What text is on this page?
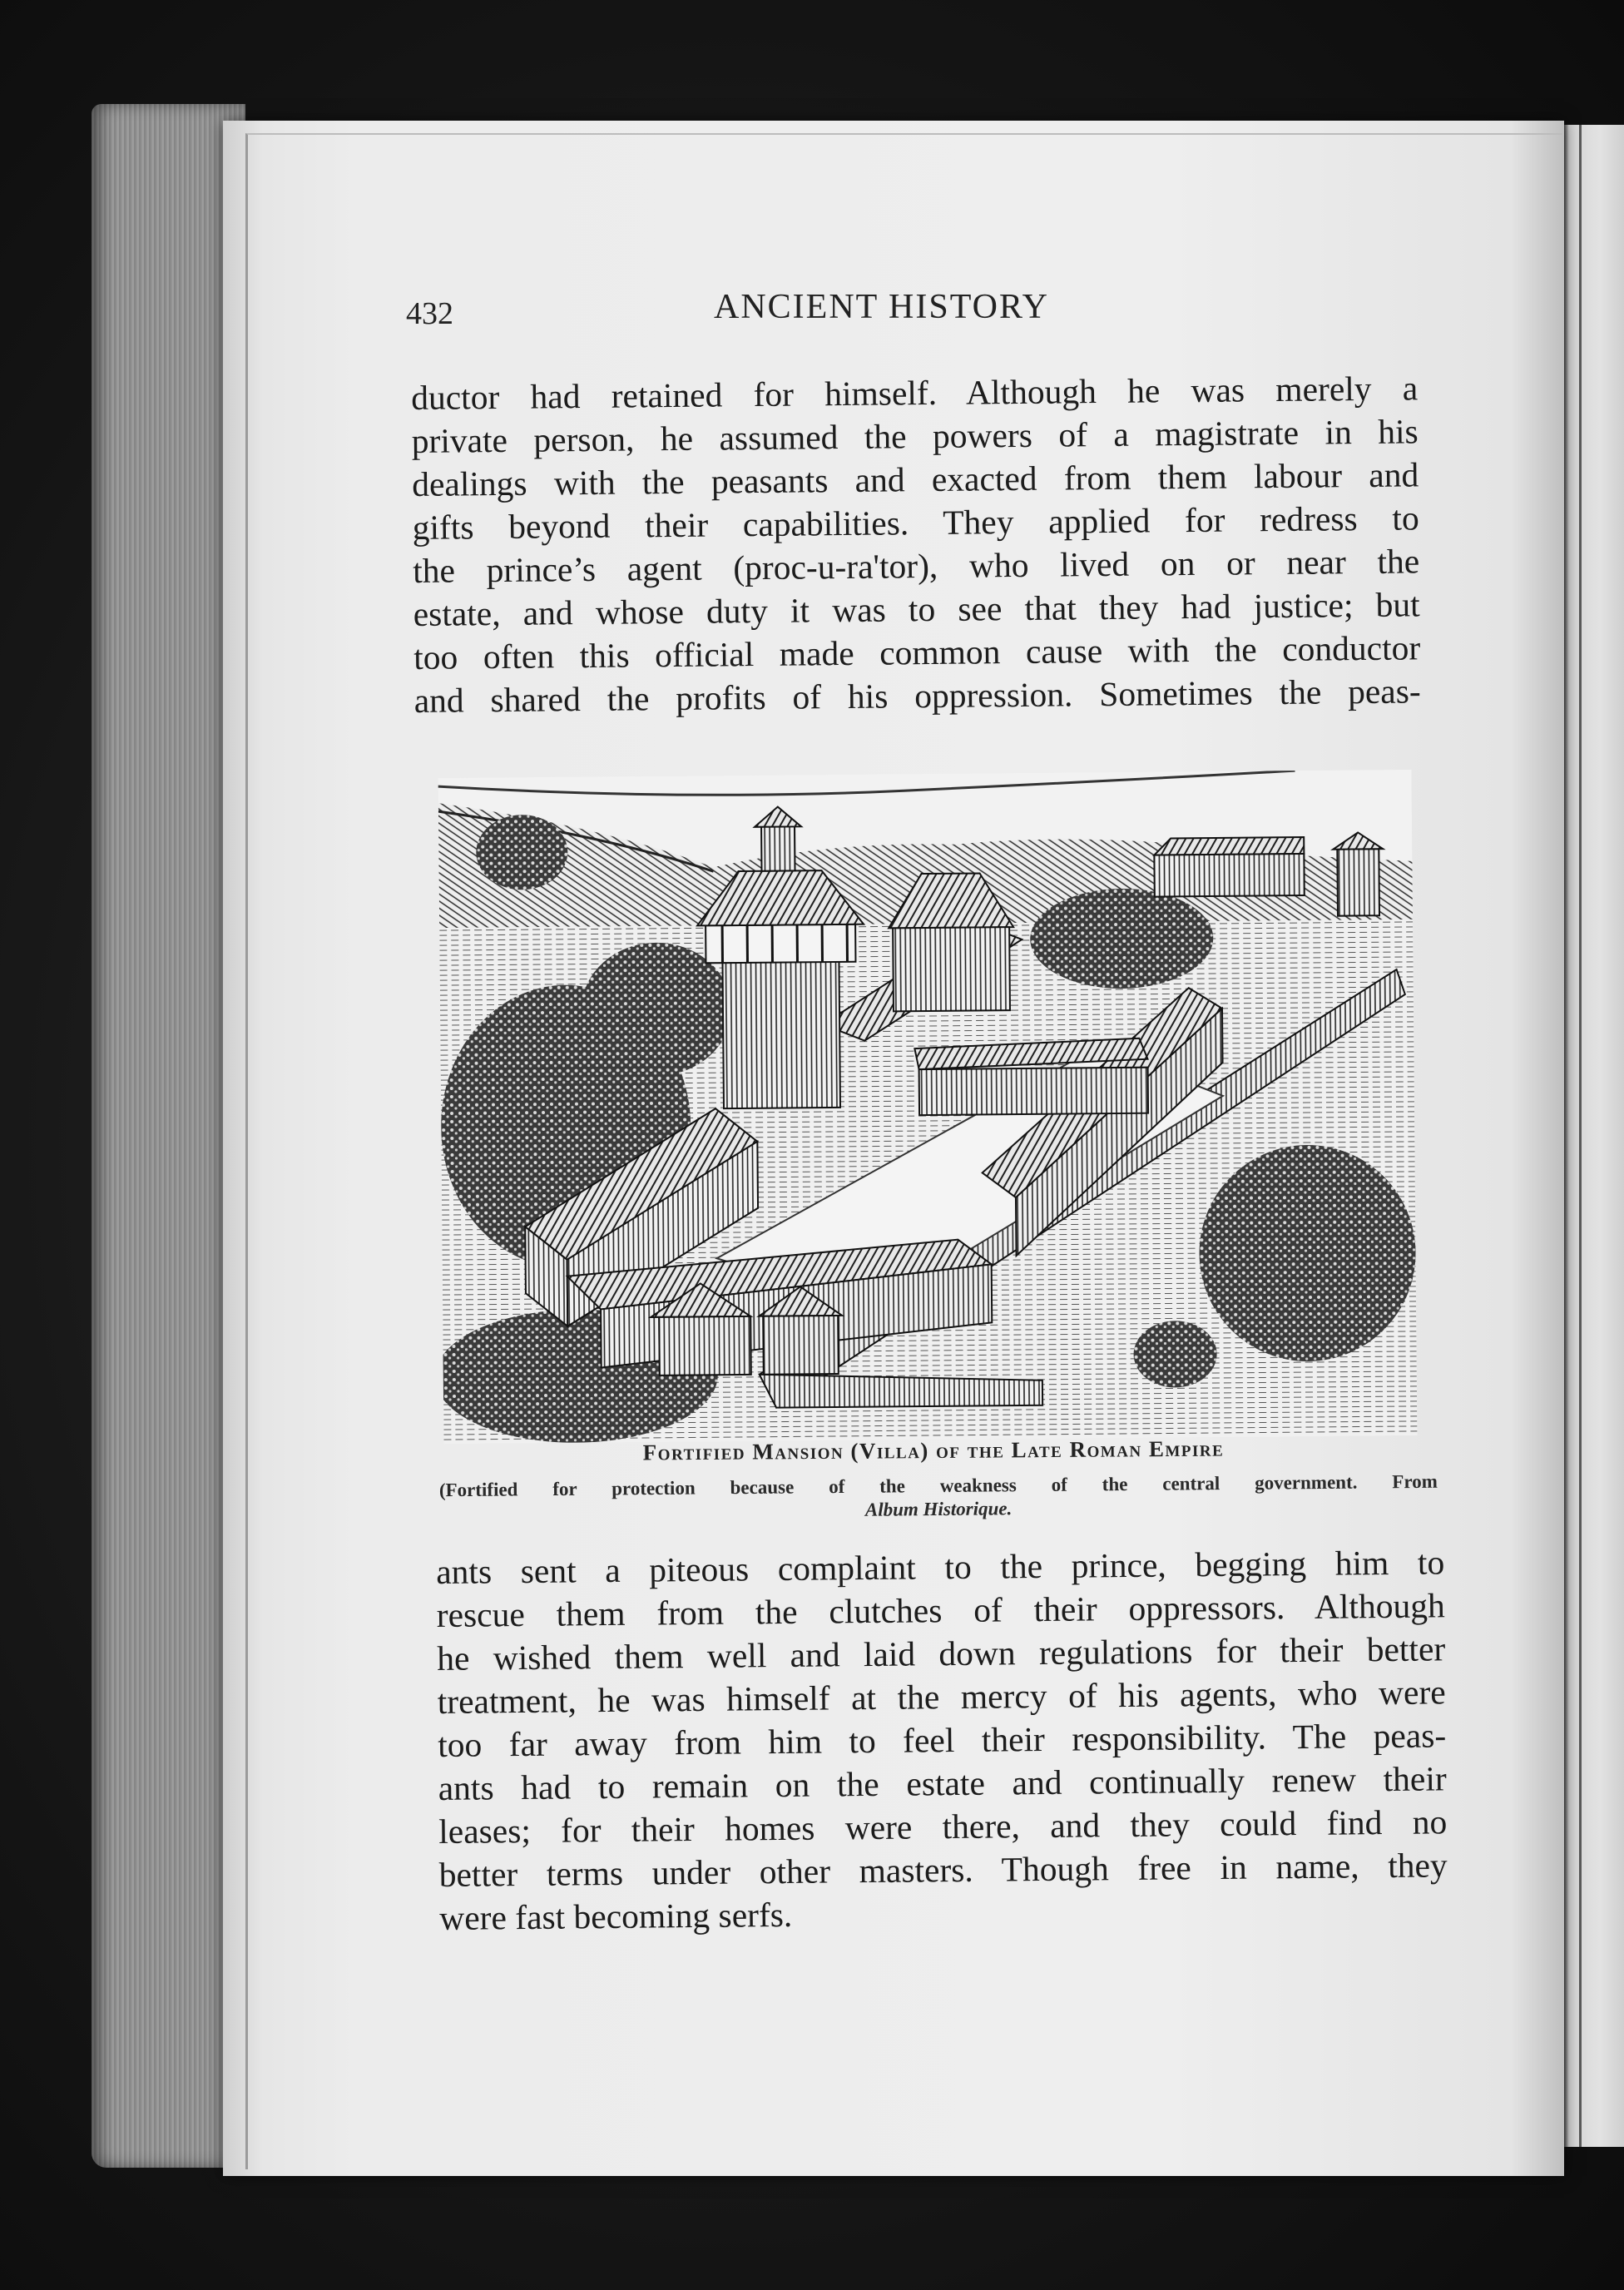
432	ANCIENT HISTORY
ductor had retained for himself. Although he was merely a
private person, he assumed the powers of a magistrate in his
dealings with the peasants and exacted from them labour and
gifts beyond their capabilities. They applied for redress to
the prince’s agent (proc-u-ra'tor), who lived on or near the
estate, and whose duty it was to see that they had justice; but
too often this official made common cause with the conductor
and shared the profits of his oppression. Sometimes the peas-
Fortified Mansion (Villa) of the Late Roman Empire
(Fortified for protection because of the weakness of the central government. From
Album Historique.
ants sent a piteous complaint to the prince, begging him to
rescue them from the clutches of their oppressors. Although
he wished them well and laid down regulations for their better
treatment, he was himself at the mercy of his agents, who were
too far away from him to feel their responsibility. The peas-
ants had to remain on the estate and continually renew their
leases; for their homes were there, and they could find no
better terms under other masters. Though free in name, they
were fast becoming serfs.
